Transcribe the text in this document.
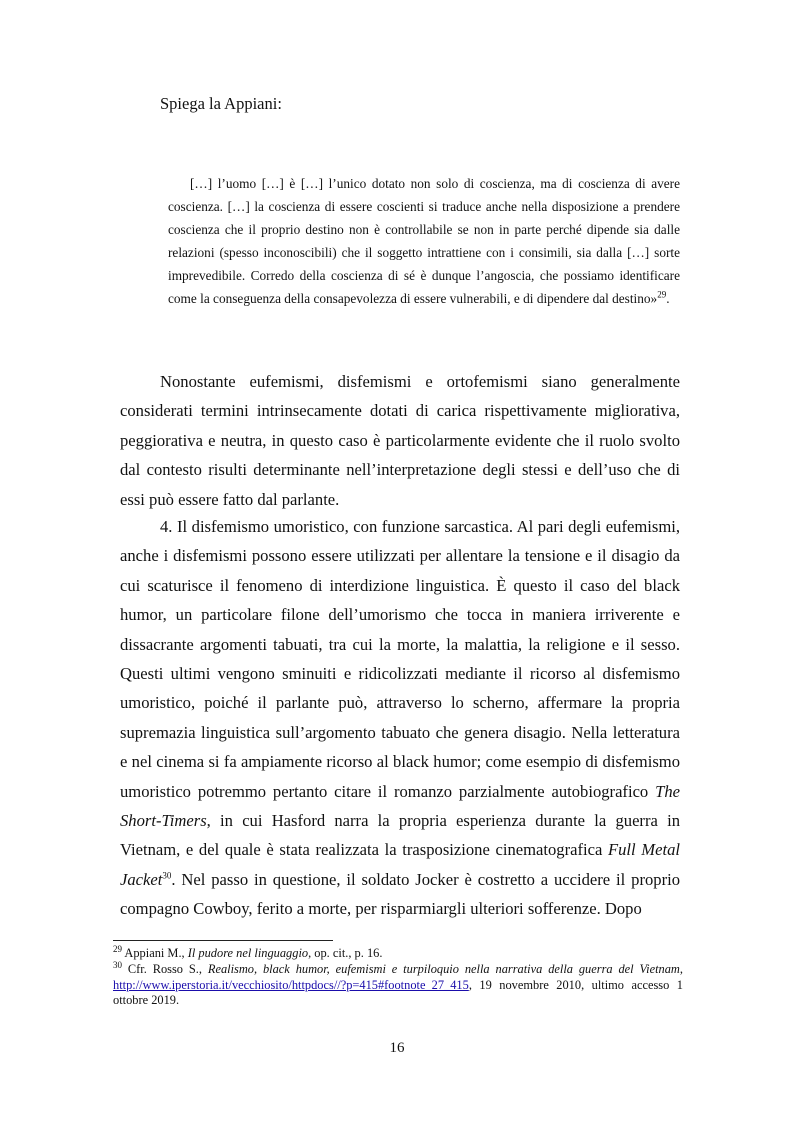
Spiega la Appiani:
[…] l’uomo […] è […] l’unico dotato non solo di coscienza, ma di coscienza di avere coscienza. […] la coscienza di essere coscienti si traduce anche nella disposizione a prendere coscienza che il proprio destino non è controllabile se non in parte perché dipende sia dalle relazioni (spesso inconoscibili) che il soggetto intrattiene con i consimili, sia dalla […] sorte imprevedibile. Corredo della coscienza di sé è dunque l’angoscia, che possiamo identificare come la conseguenza della consapevolezza di essere vulnerabili, e di dipendere dal destino»$^{29}$.

Nonostante eufemismi, disfemismi e ortofemismi siano generalmente considerati termini intrinsecamente dotati di carica rispettivamente migliorativa, peggiorativa e neutra, in questo caso è particolarmente evidente che il ruolo svolto dal contesto risulti determinante nell’interpretazione degli stessi e dell’uso che di essi può essere fatto dal parlante.

4. Il disfemismo umoristico, con funzione sarcastica. Al pari degli eufemismi, anche i disfemismi possono essere utilizzati per allentare la tensione e il disagio da cui scaturisce il fenomeno di interdizione linguistica. È questo il caso del black humor, un particolare filone dell’umorismo che tocca in maniera irriverente e dissacrante argomenti tabuati, tra cui la morte, la malattia, la religione e il sesso. Questi ultimi vengono sminuiti e ridicolizzati mediante il ricorso al disfemismo umoristico, poiché il parlante può, attraverso lo scherno, affermare la propria supremazia linguistica sull’argomento tabuato che genera disagio. Nella letteratura e nel cinema si fa ampiamente ricorso al black humor; come esempio di disfemismo umoristico potremmo pertanto citare il romanzo parzialmente autobiografico The Short-Timers, in cui Hasford narra la propria esperienza durante la guerra in Vietnam, e del quale è stata realizzata la trasposizione cinematografica Full Metal Jacket$^{30}$. Nel passo in questione, il soldato Jocker è costretto a uccidere il proprio compagno Cowboy, ferito a morte, per risparmiargli ulteriori sofferenze. Dopo

$^{29}$ Appiani M., Il pudore nel linguaggio, op. cit., p. 16.
$^{30}$ Cfr. Rosso S., Realismo, black humor, eufemismi e turpiloquio nella narrativa della guerra del Vietnam, http://www.iperstoria.it/vecchiosito/httpdocs//?p=415#footnote_27_415, 19 novembre 2010, ultimo accesso 1 ottobre 2019.
16
